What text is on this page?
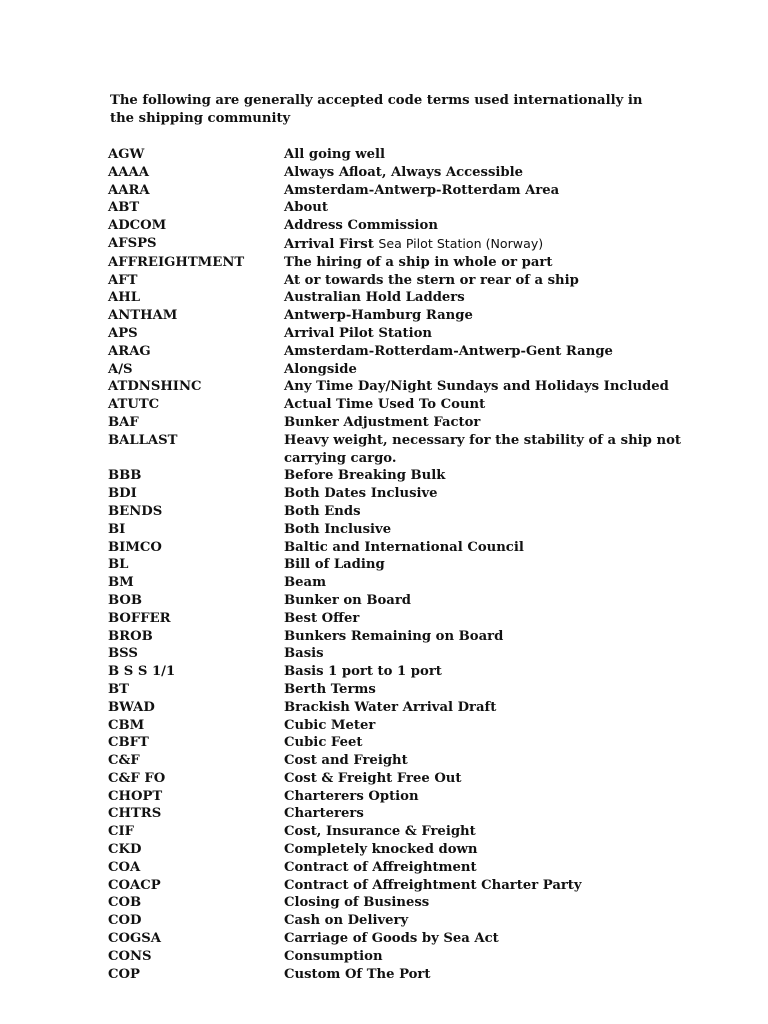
The following are generally accepted code terms used internationally in the shipping community

AGW	All going well
AAAA	Always Afloat, Always Accessible
AARA	Amsterdam-Antwerp-Rotterdam Area
ABT	About
ADCOM	Address Commission
AFSPS	Arrival First Sea Pilot Station (Norway)
AFFREIGHTMENT	The hiring of a ship in whole or part
AFT	At or towards the stern or rear of a ship
AHL	Australian Hold Ladders
ANTHAM	Antwerp-Hamburg Range
APS	Arrival Pilot Station
ARAG	Amsterdam-Rotterdam-Antwerp-Gent Range
A/S	Alongside
ATDNSHINC	Any Time Day/Night Sundays and Holidays Included
ATUTC	Actual Time Used To Count
BAF	Bunker Adjustment Factor
BALLAST	Heavy weight, necessary for the stability of a ship not carrying cargo.
BBB	Before Breaking Bulk
BDI	Both Dates Inclusive
BENDS	Both Ends
BI	Both Inclusive
BIMCO	Baltic and International Council
BL	Bill of Lading
BM	Beam
BOB	Bunker on Board
BOFFER	Best Offer
BROB	Bunkers Remaining on Board
BSS	Basis
B S S 1/1	Basis 1 port to 1 port
BT	Berth Terms
BWAD	Brackish Water Arrival Draft
CBM	Cubic Meter
CBFT	Cubic Feet
C&F	Cost and Freight
C&F FO	Cost & Freight Free Out
CHOPT	Charterers Option
CHTRS	Charterers
CIF	Cost, Insurance & Freight
CKD	Completely knocked down
COA	Contract of Affreightment
COACP	Contract of Affreightment Charter Party
COB	Closing of Business
COD	Cash on Delivery
COGSA	Carriage of Goods by Sea Act
CONS	Consumption
COP	Custom Of The Port
